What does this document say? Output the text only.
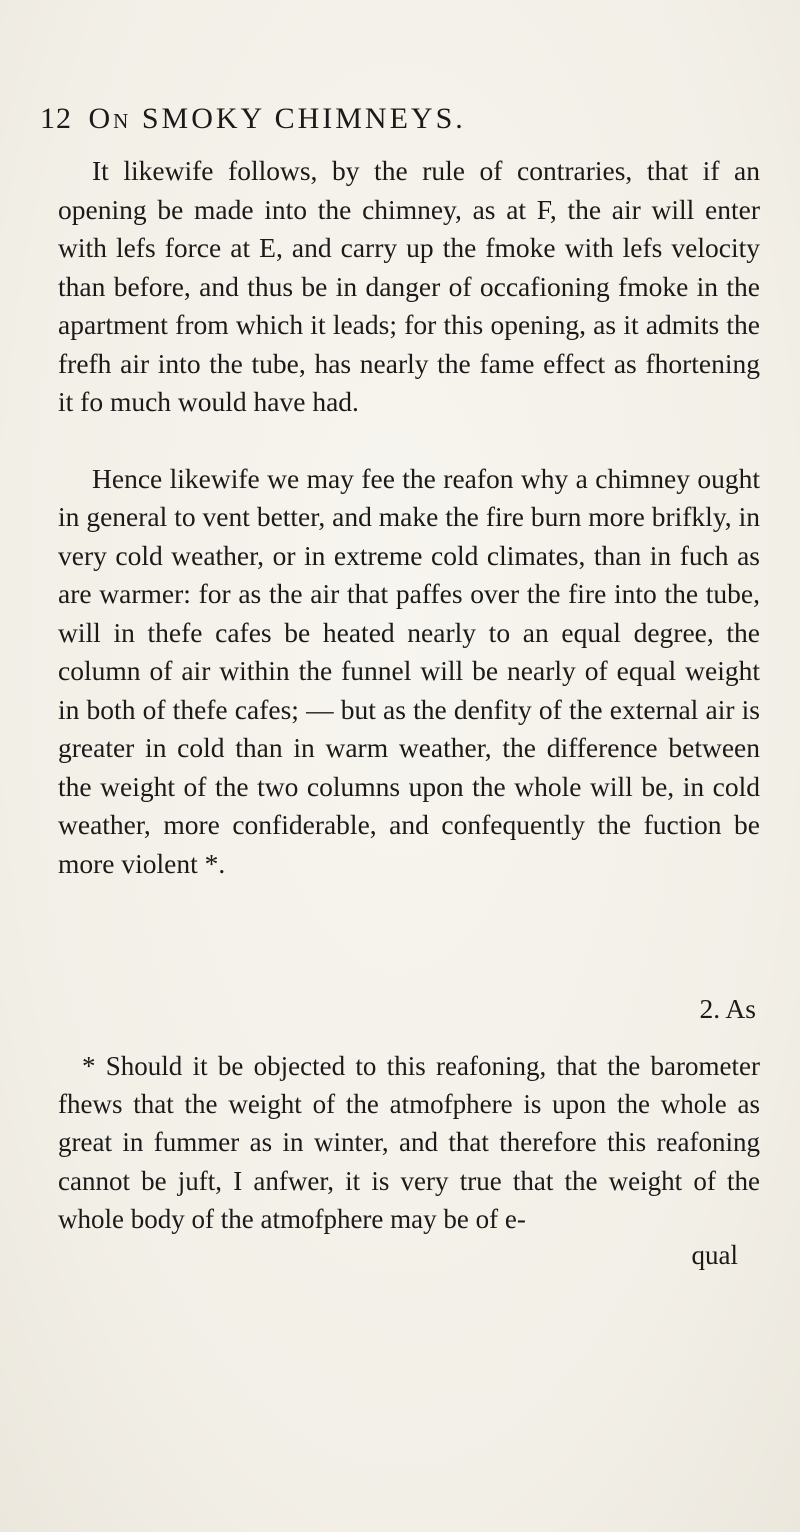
12 On SMOKY CHIMNEYS.

It likewife follows, by the rule of contraries, that if an opening be made into the chimney, as at F, the air will enter with lefs force at E, and carry up the fmoke with lefs velocity than before, and thus be in danger of occafioning fmoke in the apartment from which it leads; for this opening, as it admits the frefh air into the tube, has nearly the fame effect as fhortening it fo much would have had.

Hence likewife we may fee the reafon why a chimney ought in general to vent better, and make the fire burn more brifkly, in very cold weather, or in extreme cold climates, than in fuch as are warmer: for as the air that paffes over the fire into the tube, will in thefe cafes be heated nearly to an equal degree, the column of air within the funnel will be nearly of equal weight in both of thefe cafes; — but as the denfity of the external air is greater in cold than in warm weather, the difference between the weight of the two columns upon the whole will be, in cold weather, more confiderable, and confequently the fuction be more violent *.

2. As

* Should it be objected to this reafoning, that the barometer fhews that the weight of the atmofphere is upon the whole as great in fummer as in winter, and that therefore this reafoning cannot be juft, I anfwer, it is very true that the weight of the whole body of the atmofphere may be of e-

qual
